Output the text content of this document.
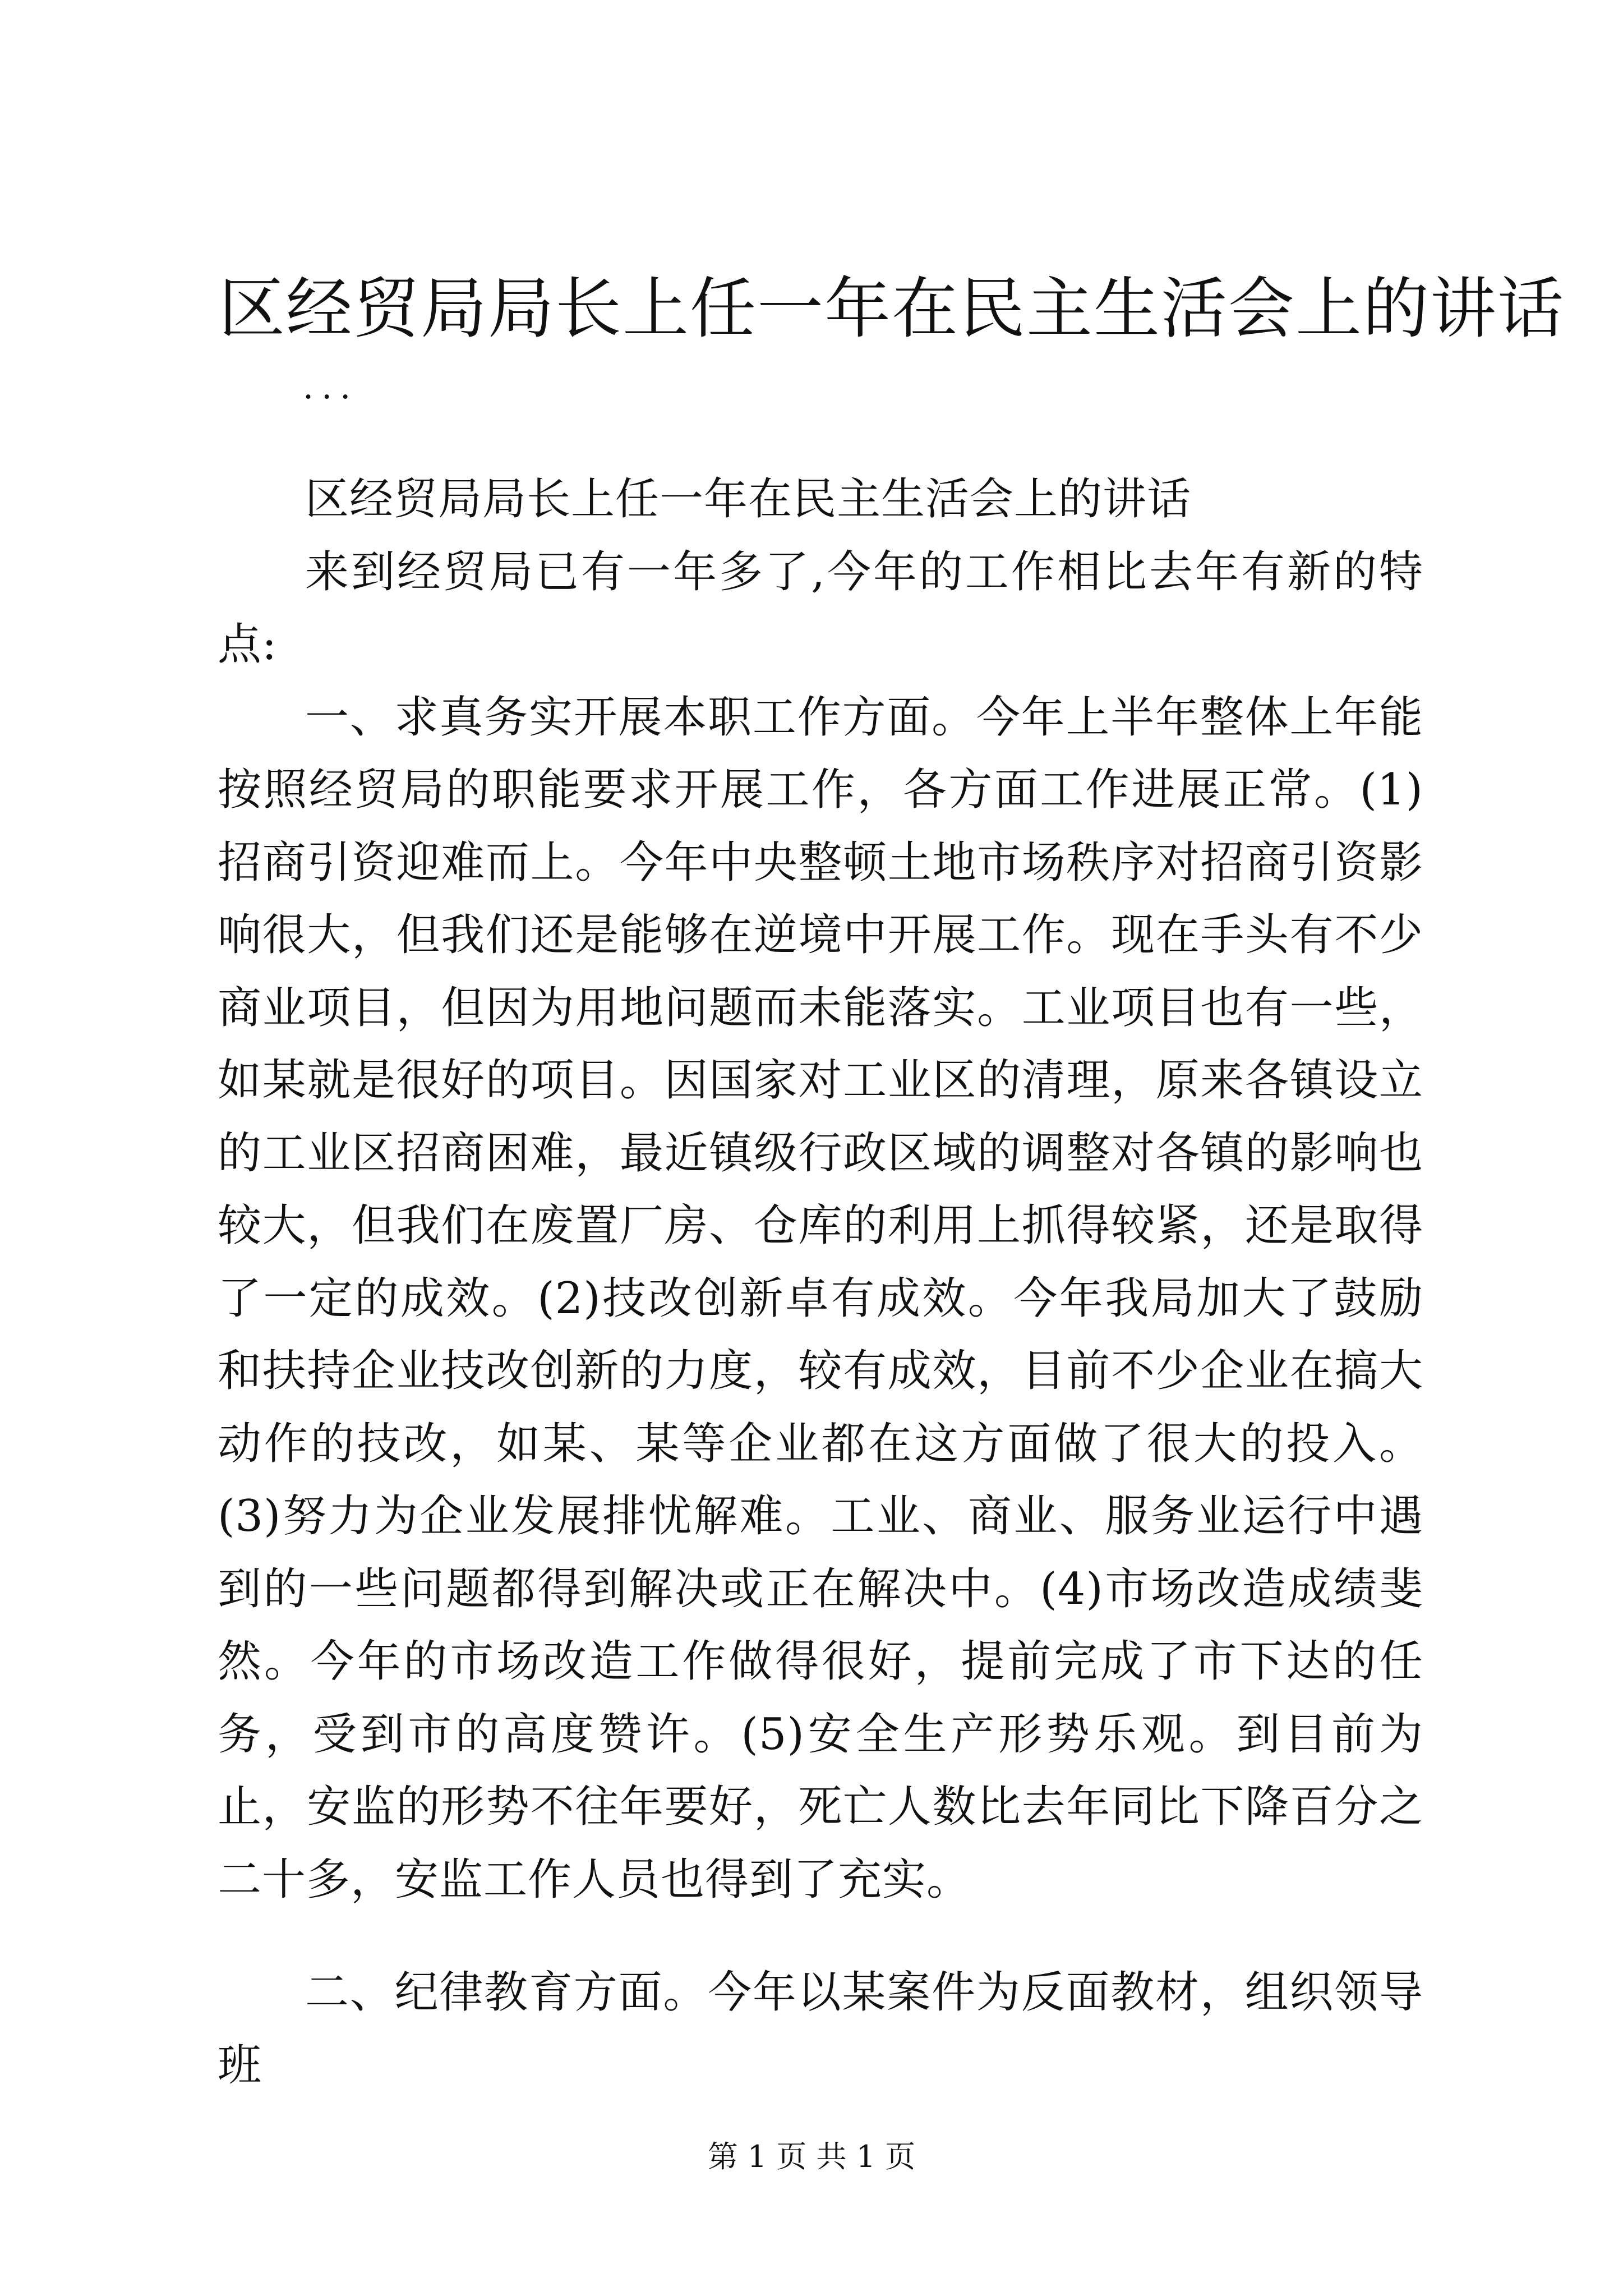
区经贸局局长上任一年在民主生活会上的讲话
...

区经贸局局长上任一年在民主生活会上的讲话

来到经贸局已有一年多了,今年的工作相比去年有新的特点:

一、求真务实开展本职工作方面。今年上半年整体上年能按照经贸局的职能要求开展工作，各方面工作进展正常。(1)招商引资迎难而上。今年中央整顿土地市场秩序对招商引资影响很大，但我们还是能够在逆境中开展工作。现在手头有不少商业项目，但因为用地问题而未能落实。工业项目也有一些，如某就是很好的项目。因国家对工业区的清理，原来各镇设立的工业区招商困难，最近镇级行政区域的调整对各镇的影响也较大，但我们在废置厂房、仓库的利用上抓得较紧，还是取得了一定的成效。(2)技改创新卓有成效。今年我局加大了鼓励和扶持企业技改创新的力度，较有成效，目前不少企业在搞大动作的技改，如某、某等企业都在这方面做了很大的投入。(3)努力为企业发展排忧解难。工业、商业、服务业运行中遇到的一些问题都得到解决或正在解决中。(4)市场改造成绩斐然。今年的市场改造工作做得很好，提前完成了市下达的任务，受到市的高度赞许。(5)安全生产形势乐观。到目前为止，安监的形势不往年要好，死亡人数比去年同比下降百分之二十多，安监工作人员也得到了充实。

二、纪律教育方面。今年以某案件为反面教材，组织领导班

第 1 页 共 1 页
